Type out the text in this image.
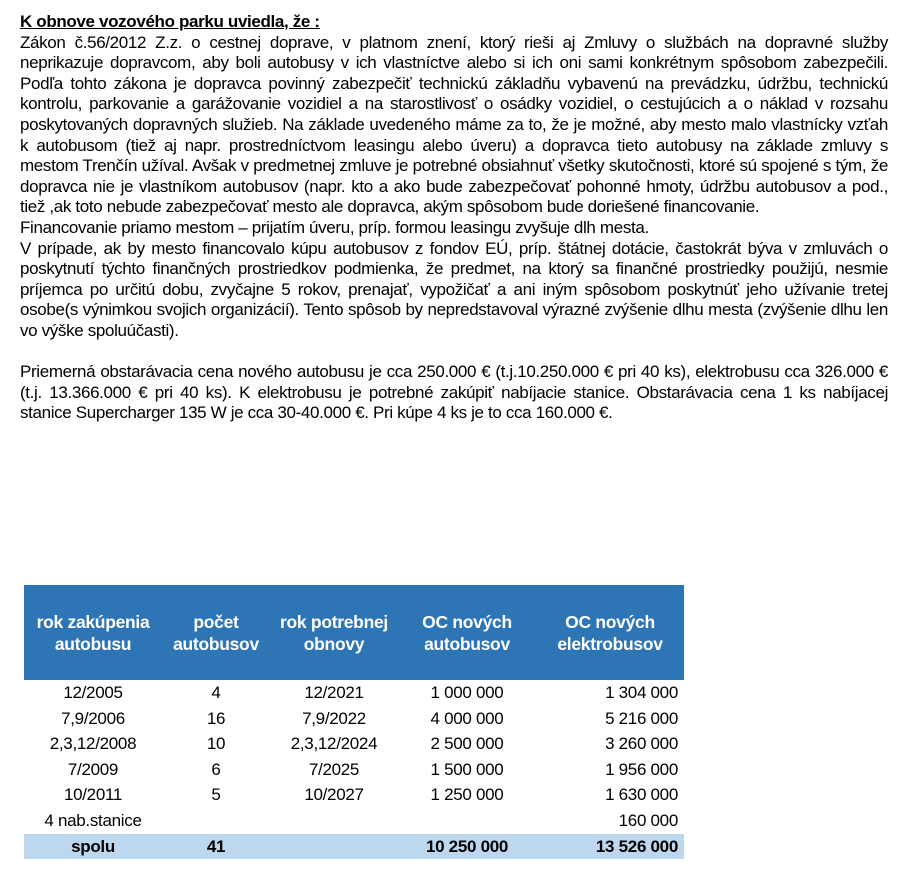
K obnove vozového parku uviedla, že :

Zákon č.56/2012 Z.z. o cestnej doprave, v platnom znení, ktorý rieši aj Zmluvy o službách na dopravné služby neprikazuje dopravcom, aby boli autobusy v ich vlastníctve alebo si ich oni sami konkrétnym spôsobom zabezpečili. Podľa tohto zákona je dopravca povinný zabezpečiť technickú základňu vybavenú na prevádzku, údržbu, technickú kontrolu, parkovanie a garážovanie vozidiel a na starostlivosť o osádky vozidiel, o cestujúcich a o náklad v rozsahu poskytovaných dopravných služieb. Na základe uvedeného máme za to, že je možné, aby mesto malo vlastnícky vzťah k autobusom (tiež aj napr. prostredníctvom leasingu alebo úveru) a dopravca tieto autobusy na základe zmluvy s mestom Trenčín užíval. Avšak v predmetnej zmluve je potrebné obsiahnuť všetky skutočnosti, ktoré sú spojené s tým, že dopravca nie je vlastníkom autobusov (napr. kto a ako bude zabezpečovať pohonné hmoty, údržbu autobusov a pod., tiež ,ak toto nebude zabezpečovať mesto ale dopravca, akým spôsobom bude doriešené financovanie.

Financovanie priamo mestom – prijatím úveru, príp. formou leasingu zvyšuje dlh mesta.

V prípade, ak by mesto financovalo kúpu autobusov z fondov EÚ, príp. štátnej dotácie, častokrát býva v zmluvách o poskytnutí týchto finančných prostriedkov podmienka, že predmet, na ktorý sa finančné prostriedky použijú, nesmie príjemca po určitú dobu, zvyčajne 5 rokov, prenajať, vypožičať a ani iným spôsobom poskytnúť jeho užívanie tretej osobe(s výnimkou svojich organizácií). Tento spôsob by nepredstavoval výrazné zvýšenie dlhu mesta (zvýšenie dlhu len vo výške spoluúčasti).

Priemerná obstarávacia cena nového autobusu je cca 250.000 € (t.j.10.250.000 € pri 40 ks), elektrobusu cca 326.000 € (t.j. 13.366.000 € pri 40 ks). K elektrobusu je potrebné zakúpiť nabíjacie stanice. Obstarávacia cena 1 ks nabíjacej stanice Supercharger 135 W je cca 30-40.000 €. Pri kúpe 4 ks je to cca 160.000 €.

rok zakúpenia autobusu	počet autobusov	rok potrebnej obnovy	OC nových autobusov	OC nových elektrobusov
12/2005	4	12/2021	1 000 000	1 304 000
7,9/2006	16	7,9/2022	4 000 000	5 216 000
2,3,12/2008	10	2,3,12/2024	2 500 000	3 260 000
7/2009	6	7/2025	1 500 000	1 956 000
10/2011	5	10/2027	1 250 000	1 630 000
4 nab.stanice				160 000
spolu	41		10 250 000	13 526 000
